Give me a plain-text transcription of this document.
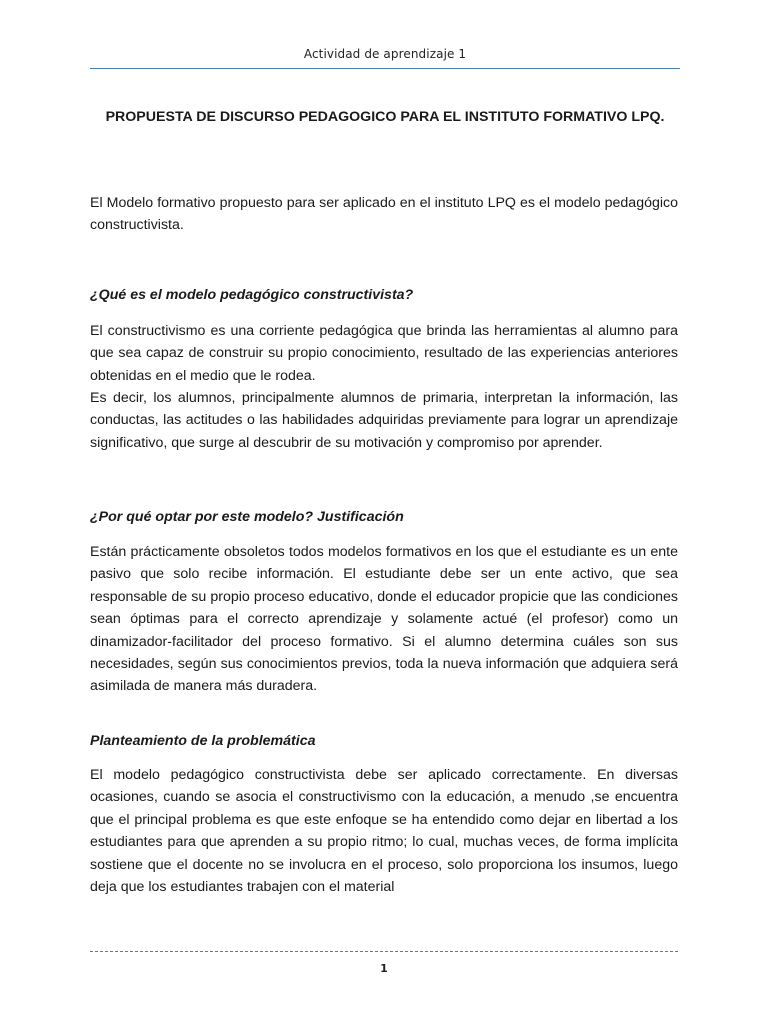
Actividad de aprendizaje 1
PROPUESTA DE DISCURSO PEDAGOGICO PARA EL INSTITUTO FORMATIVO LPQ.

El Modelo formativo propuesto para ser aplicado en el instituto LPQ es el modelo pedagógico constructivista.

¿Qué es el modelo pedagógico constructivista?

El constructivismo es una corriente pedagógica que brinda las herramientas al alumno para que sea capaz de construir su propio conocimiento, resultado de las experiencias anteriores obtenidas en el medio que le rodea.

Es decir, los alumnos, principalmente alumnos de primaria, interpretan la información, las conductas, las actitudes o las habilidades adquiridas previamente para lograr un aprendizaje significativo, que surge al descubrir de su motivación y compromiso por aprender.

¿Por qué optar por este modelo? Justificación

Están prácticamente obsoletos todos modelos formativos en los que el estudiante es un ente pasivo que solo recibe información. El estudiante debe ser un ente activo, que sea responsable de su propio proceso educativo, donde el educador propicie que las condiciones sean óptimas para el correcto aprendizaje y solamente actué (el profesor) como un dinamizador-facilitador del proceso formativo. Si el alumno determina cuáles son sus necesidades, según sus conocimientos previos, toda la nueva información que adquiera será asimilada de manera más duradera.

Planteamiento de la problemática

El modelo pedagógico constructivista debe ser aplicado correctamente. En diversas ocasiones, cuando se asocia el constructivismo con la educación, a menudo ,se encuentra que el principal problema es que este enfoque se ha entendido como dejar en libertad a los estudiantes para que aprenden a su propio ritmo; lo cual, muchas veces, de forma implícita sostiene que el docente no se involucra en el proceso, solo proporciona los insumos, luego deja que los estudiantes trabajen con el material

1
